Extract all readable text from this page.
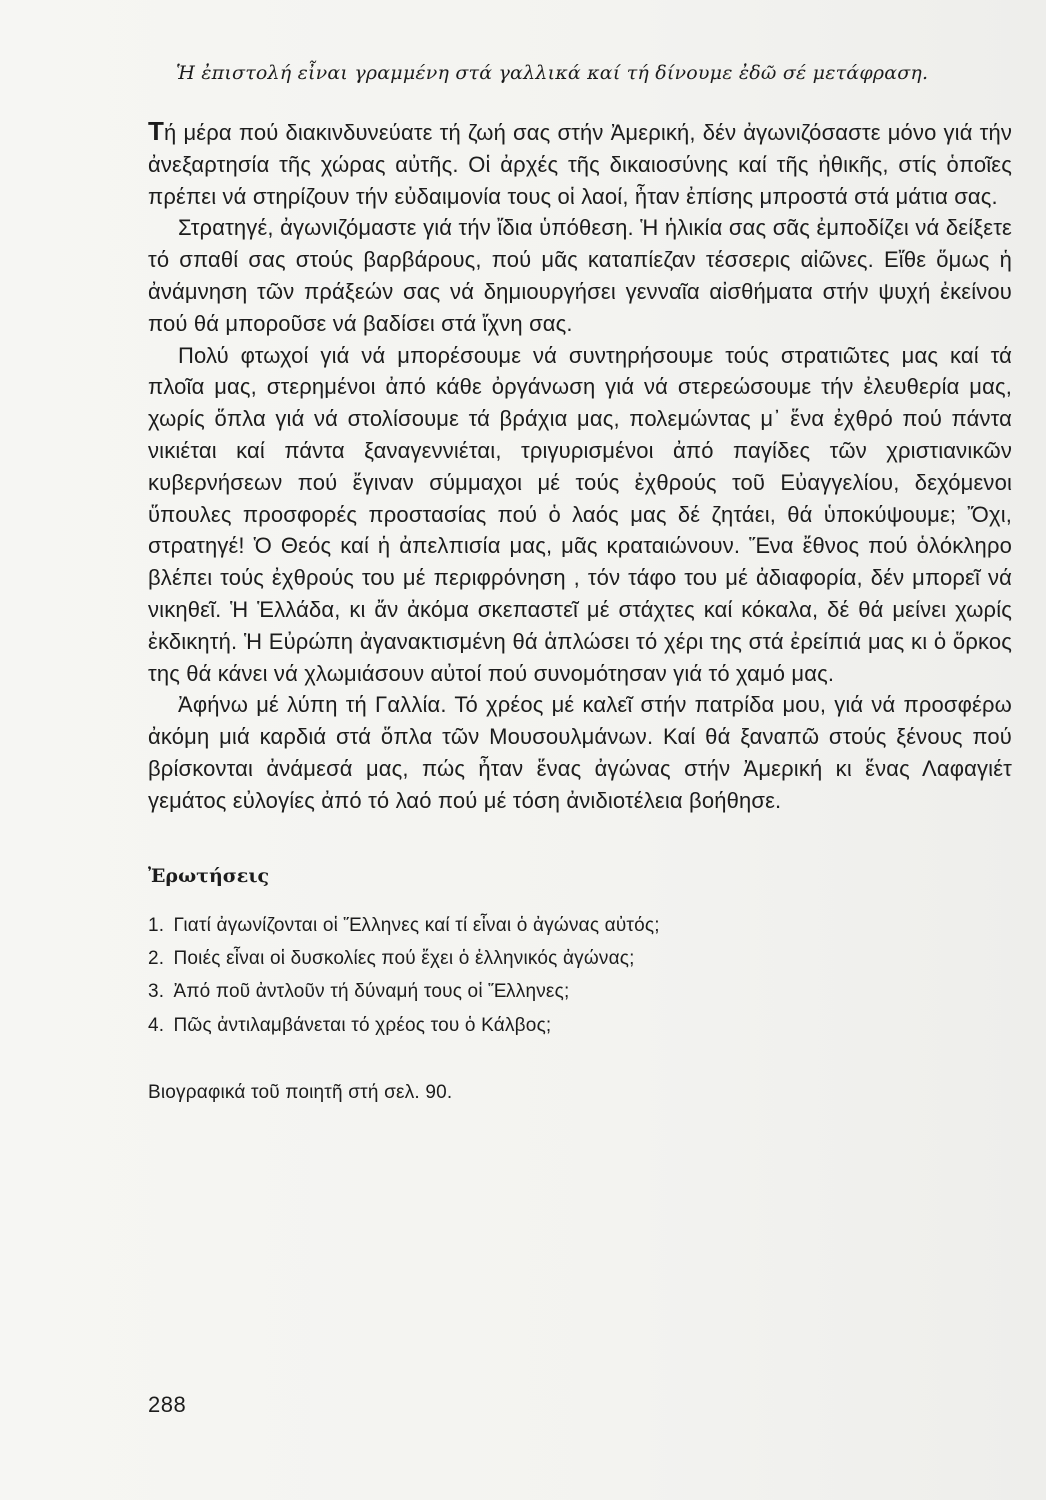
Ἡ ἐπιστολή εἶναι γραμμένη στά γαλλικά καί τή δίνουμε ἐδῶ σέ μετάφραση.

Τή μέρα πού διακινδυνεύατε τή ζωή σας στήν Ἀμερική, δέν ἀγωνιζόσαστε μόνο γιά τήν ἀνεξαρτησία τῆς χώρας αὐτῆς. Οἱ ἀρχές τῆς δικαιοσύνης καί τῆς ἠθικῆς, στίς ὁποῖες πρέπει νά στηρίζουν τήν εὐδαιμονία τους οἱ λαοί, ἦταν ἐπίσης μπροστά στά μάτια σας.

Στρατηγέ, ἀγωνιζόμαστε γιά τήν ἴδια ὑπόθεση. Ἡ ἡλικία σας σᾶς ἐμποδίζει νά δείξετε τό σπαθί σας στούς βαρβάρους, πού μᾶς καταπίεζαν τέσσερις αἰῶνες. Εἴθε ὅμως ἡ ἀνάμνηση τῶν πράξεών σας νά δημιουργήσει γενναῖα αἰσθήματα στήν ψυχή ἐκείνου πού θά μποροῦσε νά βαδίσει στά ἴχνη σας.

Πολύ φτωχοί γιά νά μπορέσουμε νά συντηρήσουμε τούς στρατιῶτες μας καί τά πλοῖα μας, στερημένοι ἀπό κάθε ὀργάνωση γιά νά στερεώσουμε τήν ἐλευθερία μας, χωρίς ὅπλα γιά νά στολίσουμε τά βράχια μας, πολεμώντας μ᾽ ἕνα ἐχθρό πού πάντα νικιέται καί πάντα ξαναγεννιέται, τριγυρισμένοι ἀπό παγίδες τῶν χριστιανικῶν κυβερνήσεων πού ἔγιναν σύμμαχοι μέ τούς ἐχθρούς τοῦ Εὐαγγελίου, δεχόμενοι ὕπουλες προσφορές προστασίας πού ὁ λαός μας δέ ζητάει, θά ὑποκύψουμε; Ὄχι, στρατηγέ! Ὁ Θεός καί ἡ ἀπελπισία μας, μᾶς κραταιώνουν. Ἕνα ἔθνος πού ὁλόκληρο βλέπει τούς ἐχθρούς του μέ περιφρόνηση , τόν τάφο του μέ ἀδιαφορία, δέν μπορεῖ νά νικηθεῖ. Ἡ Ἑλλάδα, κι ἄν ἀκόμα σκεπαστεῖ μέ στάχτες καί κόκαλα, δέ θά μείνει χωρίς ἐκδικητή. Ἡ Εὐρώπη ἀγανακτισμένη θά ἁπλώσει τό χέρι της στά ἐρείπιά μας κι ὁ ὅρκος της θά κάνει νά χλωμιάσουν αὐτοί πού συνομότησαν γιά τό χαμό μας.

Ἀφήνω μέ λύπη τή Γαλλία. Τό χρέος μέ καλεῖ στήν πατρίδα μου, γιά νά προσφέρω ἀκόμη μιά καρδιά στά ὅπλα τῶν Μουσουλμάνων. Καί θά ξαναπῶ στούς ξένους πού βρίσκονται ἀνάμεσά μας, πώς ἦταν ἕνας ἀγώνας στήν Ἀμερική κι ἕνας Λαφαγιέτ γεμάτος εὐλογίες ἀπό τό λαό πού μέ τόση ἀνιδιοτέλεια βοήθησε.

Ἐρωτήσεις
1. Γιατί ἀγωνίζονται οἱ Ἕλληνες καί τί εἶναι ὁ ἀγώνας αὐτός;
2. Ποιές εἶναι οἱ δυσκολίες πού ἔχει ὁ ἑλληνικός ἀγώνας;
3. Ἀπό ποῦ ἀντλοῦν τή δύναμή τους οἱ Ἕλληνες;
4. Πῶς ἀντιλαμβάνεται τό χρέος του ὁ Κάλβος;

Βιογραφικά τοῦ ποιητῆ στή σελ. 90.

288
